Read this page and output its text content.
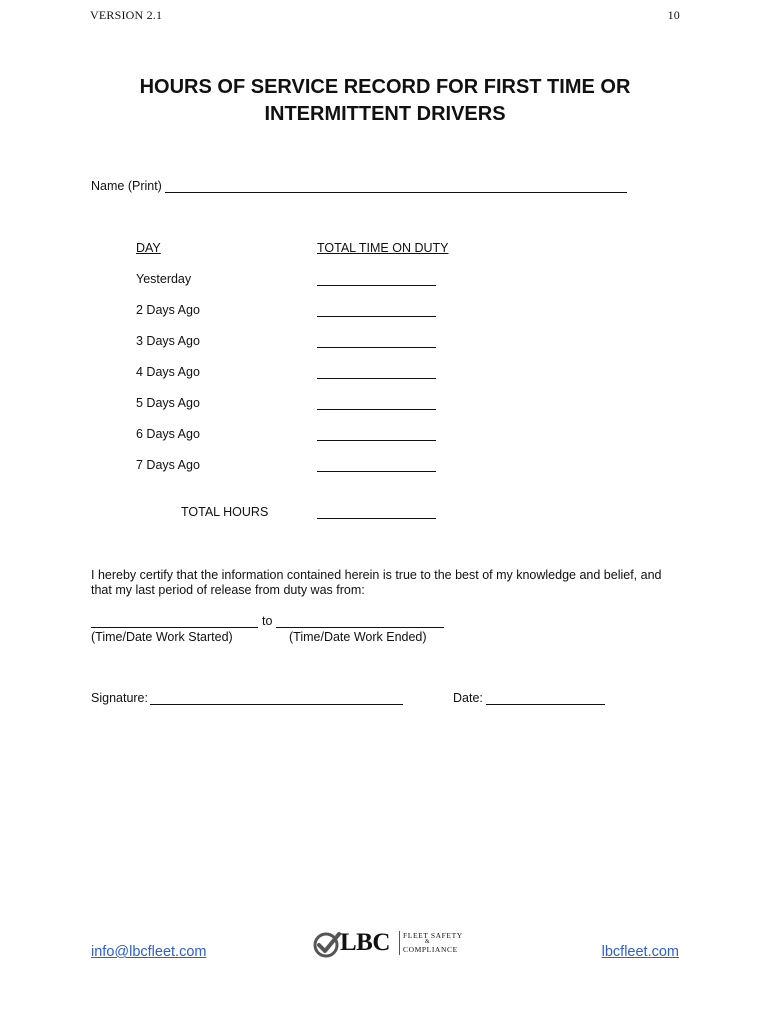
VERSION 2.1	10
HOURS OF SERVICE RECORD FOR FIRST TIME OR
INTERMITTENT DRIVERS
Name (Print)
DAY	TOTAL TIME ON DUTY
Yesterday
2 Days Ago
3 Days Ago
4 Days Ago
5 Days Ago
6 Days Ago
7 Days Ago
TOTAL HOURS
I hereby certify that the information contained herein is true to the best of my knowledge and belief, and
that my last period of release from duty was from:
to
(Time/Date Work Started)	(Time/Date Work Ended)
Signature:	Date:
info@lbcfleet.com	lbcfleet.com
LBC FLEET SAFETY
&
COMPLIANCE
